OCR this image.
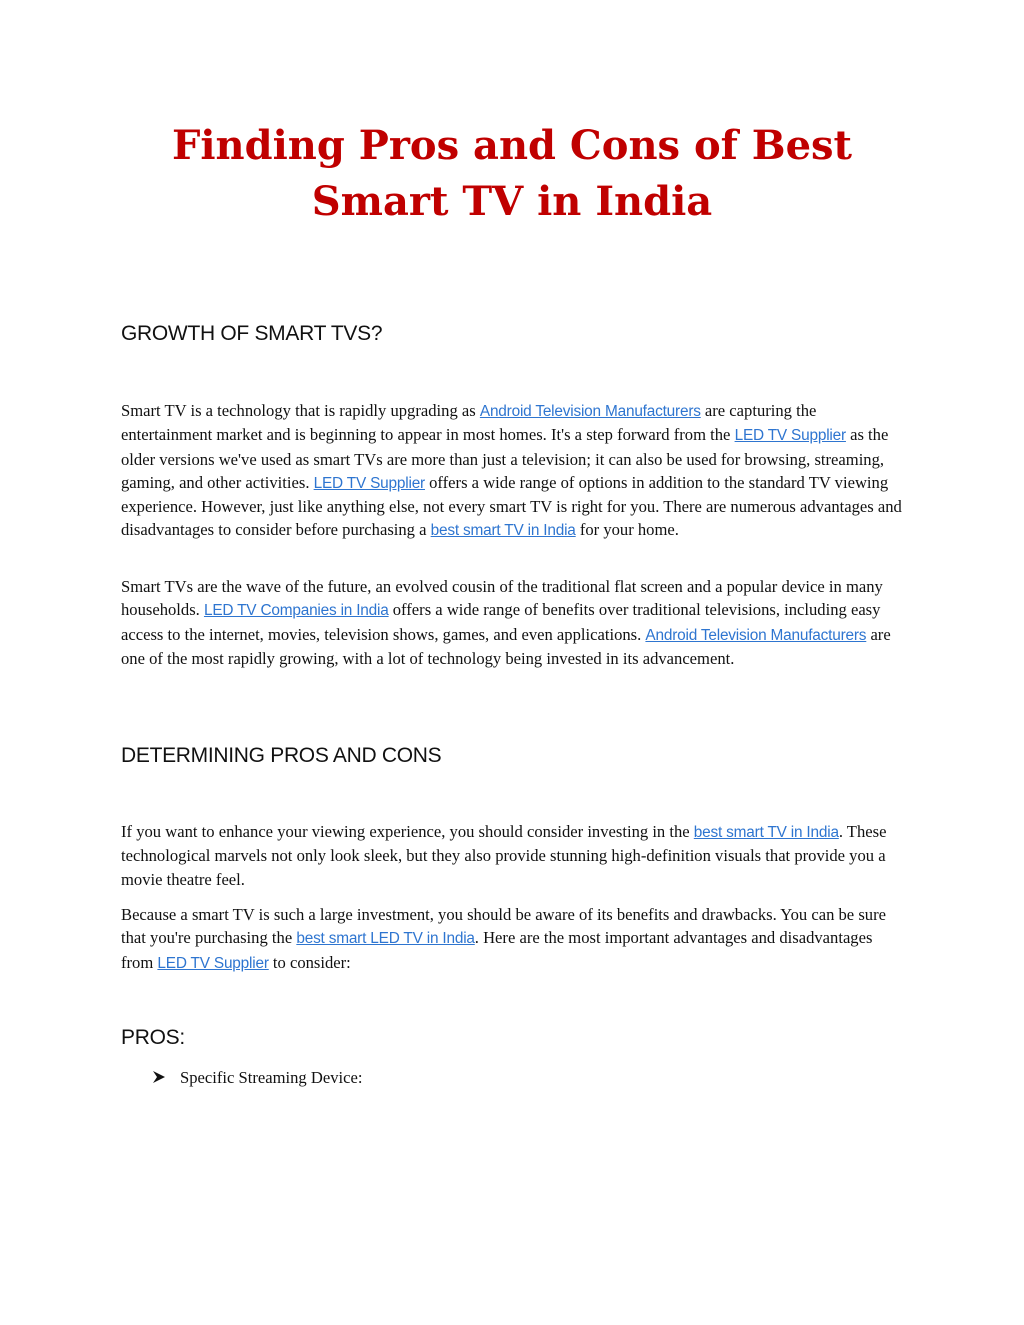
Finding Pros and Cons of Best Smart TV in India
GROWTH OF SMART TVS?

Smart TV is a technology that is rapidly upgrading as Android Television Manufacturers are capturing the entertainment market and is beginning to appear in most homes. It's a step forward from the LED TV Supplier as the older versions we've used as smart TVs are more than just a television; it can also be used for browsing, streaming, gaming, and other activities. LED TV Supplier offers a wide range of options in addition to the standard TV viewing experience. However, just like anything else, not every smart TV is right for you. There are numerous advantages and disadvantages to consider before purchasing a best smart TV in India for your home.

Smart TVs are the wave of the future, an evolved cousin of the traditional flat screen and a popular device in many households. LED TV Companies in India offers a wide range of benefits over traditional televisions, including easy access to the internet, movies, television shows, games, and even applications. Android Television Manufacturers are one of the most rapidly growing, with a lot of technology being invested in its advancement.

DETERMINING PROS AND CONS

If you want to enhance your viewing experience, you should consider investing in the best smart TV in India. These technological marvels not only look sleek, but they also provide stunning high-definition visuals that provide you a movie theatre feel.

Because a smart TV is such a large investment, you should be aware of its benefits and drawbacks. You can be sure that you're purchasing the best smart LED TV in India. Here are the most important advantages and disadvantages from LED TV Supplier to consider:

PROS:
Specific Streaming Device:
